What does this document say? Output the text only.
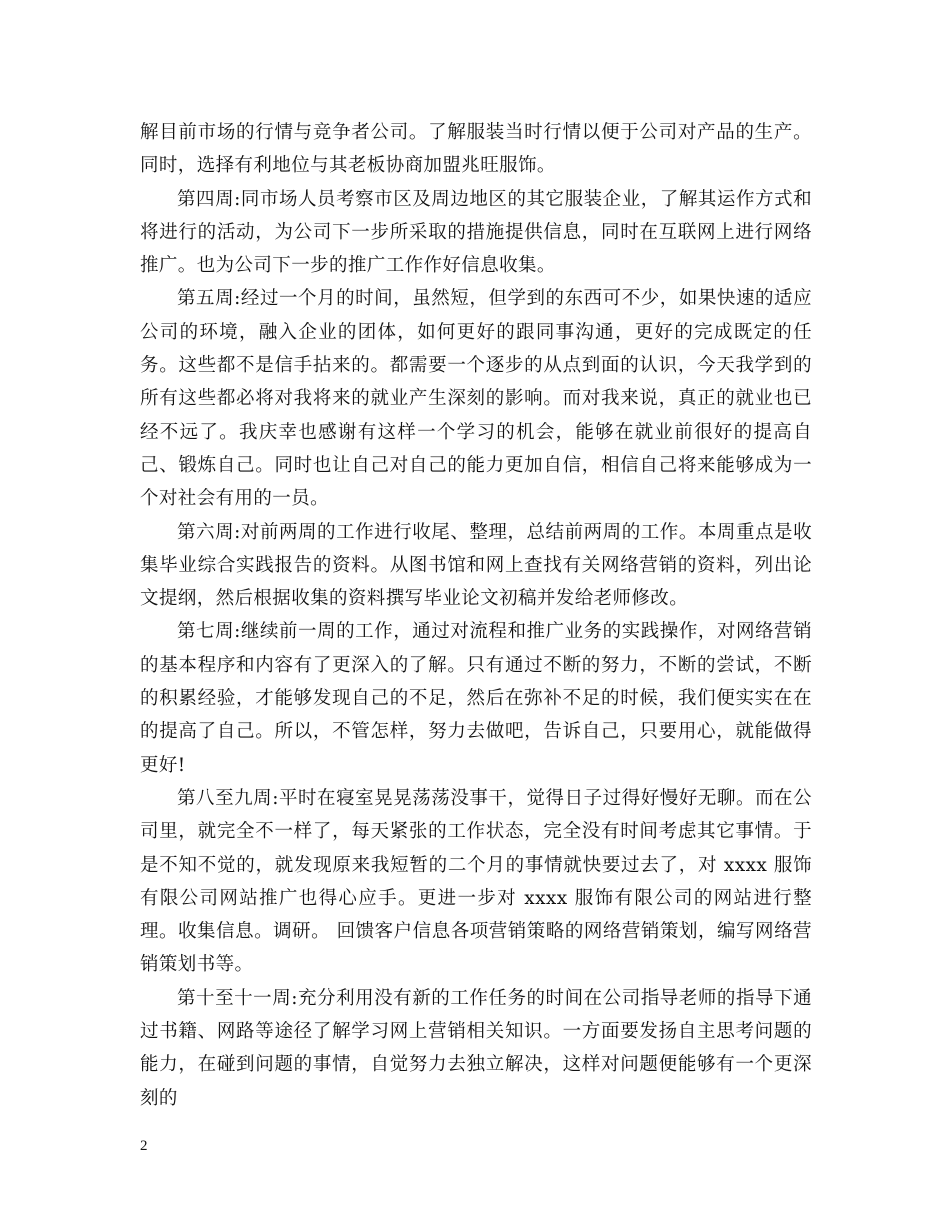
解目前市场的行情与竞争者公司。了解服装当时行情以便于公司对产品的生产。同时，选择有利地位与其老板协商加盟兆旺服饰。

第四周:同市场人员考察市区及周边地区的其它服装企业，了解其运作方式和将进行的活动，为公司下一步所采取的措施提供信息，同时在互联网上进行网络推广。也为公司下一步的推广工作作好信息收集。

第五周:经过一个月的时间，虽然短，但学到的东西可不少，如果快速的适应公司的环境，融入企业的团体，如何更好的跟同事沟通，更好的完成既定的任务。这些都不是信手拈来的。都需要一个逐步的从点到面的认识，今天我学到的所有这些都必将对我将来的就业产生深刻的影响。而对我来说，真正的就业也已经不远了。我庆幸也感谢有这样一个学习的机会，能够在就业前很好的提高自己、锻炼自己。同时也让自己对自己的能力更加自信，相信自己将来能够成为一个对社会有用的一员。

第六周:对前两周的工作进行收尾、整理，总结前两周的工作。本周重点是收集毕业综合实践报告的资料。从图书馆和网上查找有关网络营销的资料，列出论文提纲，然后根据收集的资料撰写毕业论文初稿并发给老师修改。

第七周:继续前一周的工作，通过对流程和推广业务的实践操作，对网络营销的基本程序和内容有了更深入的了解。只有通过不断的努力，不断的尝试，不断的积累经验，才能够发现自己的不足，然后在弥补不足的时候，我们便实实在在的提高了自己。所以，不管怎样，努力去做吧，告诉自己，只要用心，就能做得更好!

第八至九周:平时在寝室晃晃荡荡没事干，觉得日子过得好慢好无聊。而在公司里，就完全不一样了，每天紧张的工作状态，完全没有时间考虑其它事情。于是不知不觉的，就发现原来我短暂的二个月的事情就快要过去了，对 xxxx 服饰有限公司网站推广也得心应手。更进一步对 xxxx 服饰有限公司的网站进行整理。收集信息。调研。 回馈客户信息各项营销策略的网络营销策划，编写网络营销策划书等。

第十至十一周:充分利用没有新的工作任务的时间在公司指导老师的指导下通过书籍、网路等途径了解学习网上营销相关知识。一方面要发扬自主思考问题的能力，在碰到问题的事情，自觉努力去独立解决，这样对问题便能够有一个更深刻的

2
